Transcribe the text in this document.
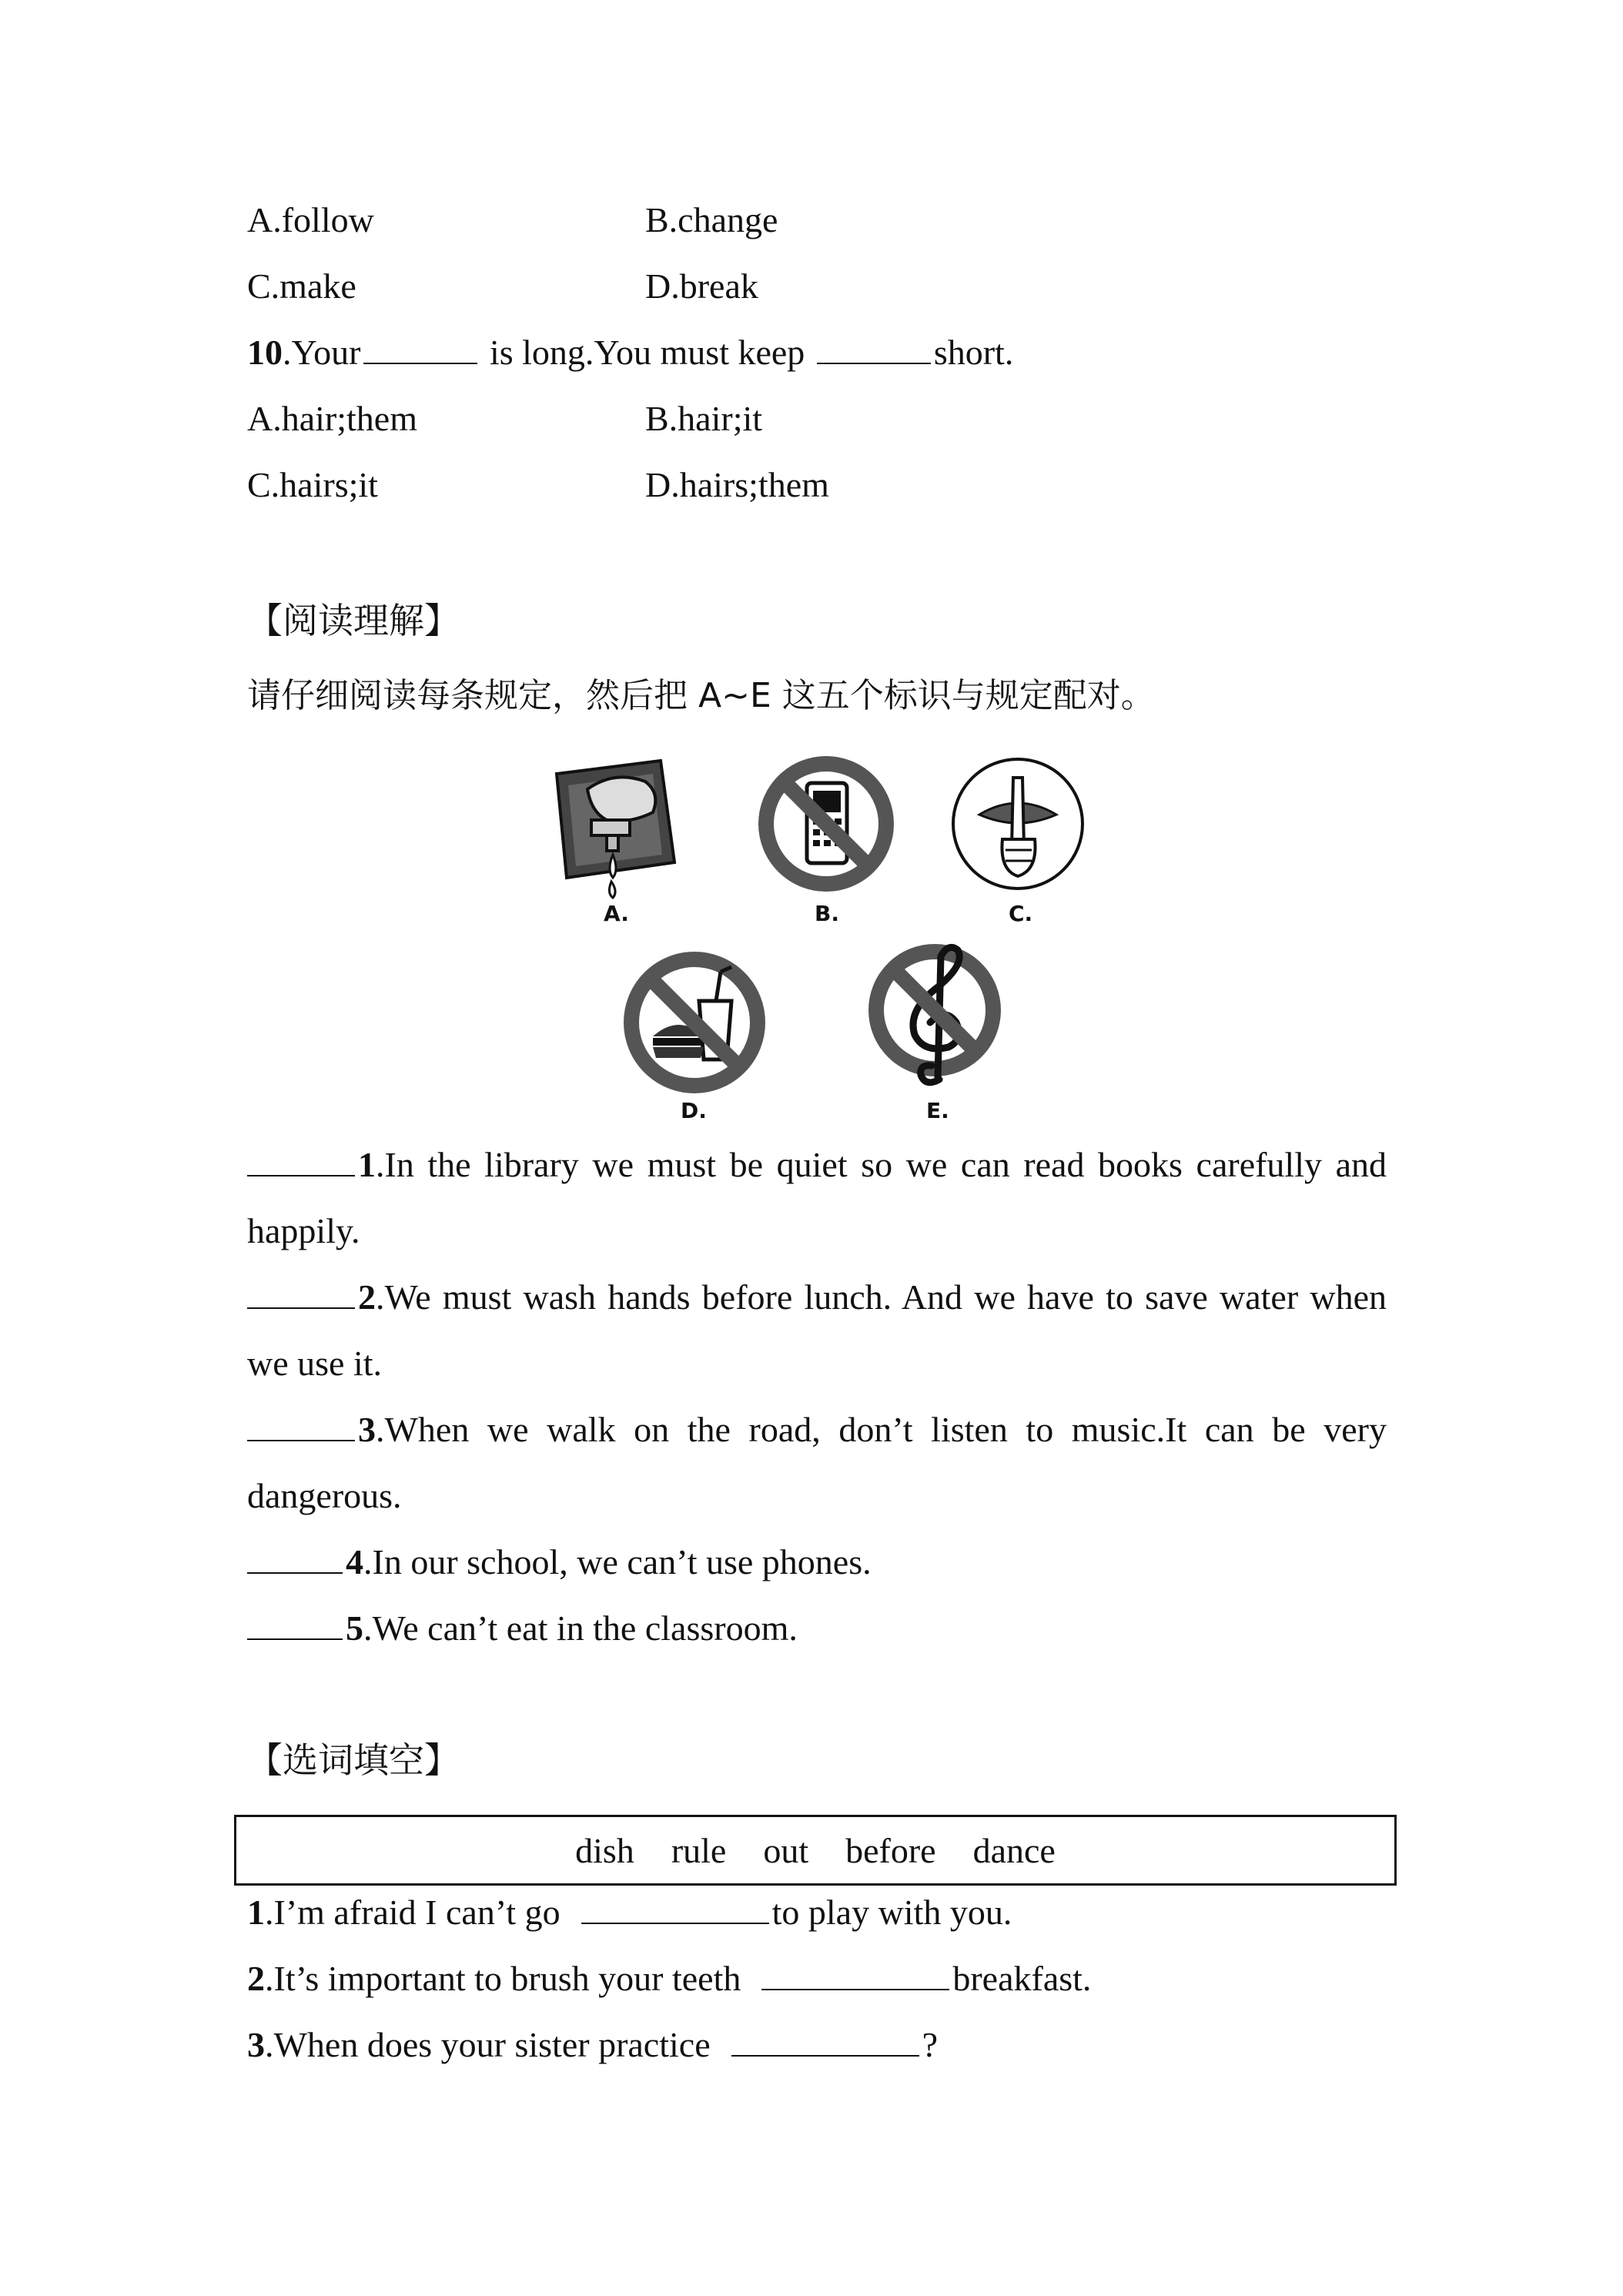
A.follow	B.change
C.make	D.break
10.Your	is long.You must keep	short.
A.hair;them	B.hair;it
C.hairs;it	D.hairs;them
【阅读理解】
请仔细阅读每条规定，然后把 A~E 这五个标识与规定配对。
A.	B.	C.
D.	E.
1.In the library we must be quiet so we can read books carefully and happily.
2.We must wash hands before lunch. And we have to save water when we use it.
3.When we walk on the road, don’t listen to music.It can be very dangerous.
4.In our school, we can’t use phones.
5.We can’t eat in the classroom.
【选词填空】
dish rule out before dance
1.I’m afraid I can’t go	to play with you.
2.It’s important to brush your teeth	breakfast.
3.When does your sister practice	?
